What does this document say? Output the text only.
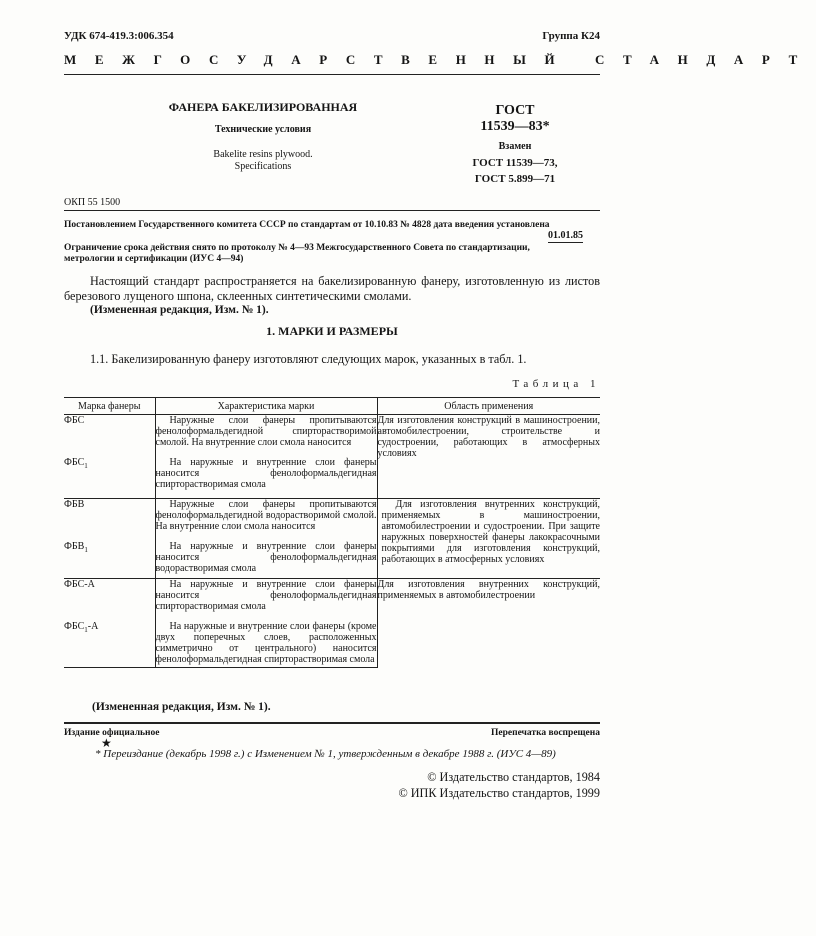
УДК 674-419.3:006.354	Группа К24
МЕЖГОСУДАРСТВЕННЫЙ СТАНДАРТ
ФАНЕРА БАКЕЛИЗИРОВАННАЯ
Технические условия
Bakelite resins plywood.
Specifications
ГОСТ
11539—83*
Взамен
ГОСТ 11539—73,
ГОСТ 5.899—71
ОКП 55 1500
Постановлением Государственного комитета СССР по стандартам от 10.10.83 № 4828 дата введения установлена
01.01.85
Ограничение срока действия снято по протоколу № 4—93 Межгосударственного Совета по стандартизации,
метрологии и сертификации (ИУС 4—94)
Настоящий стандарт распространяется на бакелизированную фанеру, изготовленную из листов березового лущеного шпона, склеенных синтетическими смолами.
(Измененная редакция, Изм. № 1).
1. МАРКИ И РАЗМЕРЫ
1.1. Бакелизированную фанеру изготовляют следующих марок, указанных в табл. 1.
Таблица 1
Марка фанеры	Характеристика марки	Область применения
ФБС	Наружные слои фанеры пропитываются фенолоформальдегидной спирторастворимой смолой. На внутренние слои смола наносится	Для изготовления конструкций в машиностроении, автомобилестроении, строительстве и судостроении, работающих в атмосферных условиях
$ФБС_1$	На наружные и внутренние слои фанеры наносится фенолоформальдегидная спирторастворимая смола	
ФБВ	Наружные слои фанеры пропитываются фенолоформальдегидной водорастворимой смолой. На внутренние слои смола наносится	Для изготовления внутренних конструкций, применяемых в машиностроении, автомобилестроении и судостроении. При защите наружных поверхностей фанеры лакокрасочными покрытиями для изготовления конструкций, работающих в атмосферных условиях
$ФБВ_1$	На наружные и внутренние слои фанеры наносится фенолоформальдегидная водорастворимая смола	
ФБС-А	На наружные и внутренние слои фанеры наносится фенолоформальдегидная спирторастворимая смола	Для изготовления внутренних конструкций, применяемых в автомобилестроении
$ФБС_1-А$	На наружные и внутренние слои фанеры (кроме двух поперечных слоев, расположенных симметрично от центрального) наносится фенолоформальдегидная спирторастворимая смола	
(Измененная редакция, Изм. № 1).
Издание официальное	Перепечатка воспрещена
★
* Переиздание (декабрь 1998 г.) с Изменением № 1, утвержденным в декабре 1988 г. (ИУС 4—89)
© Издательство стандартов, 1984
© ИПК Издательство стандартов, 1999
